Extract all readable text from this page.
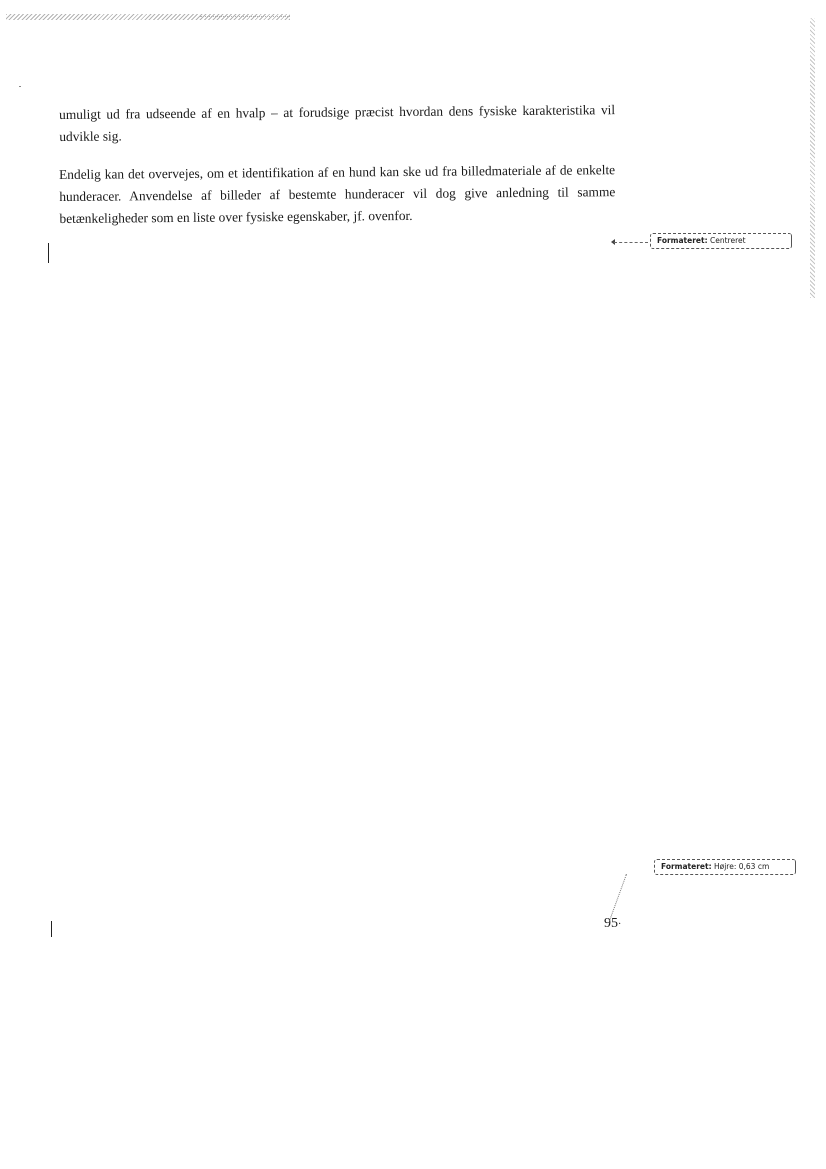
umuligt ud fra udseende af en hvalp – at forudsige præcist hvordan dens fysiske karakteristika vil udvikle sig.

Endelig kan det overvejes, om et identifikation af en hund kan ske ud fra billedmateriale af de enkelte hunderacer. Anvendelse af billeder af bestemte hunderacer vil dog give anledning til samme betænkeligheder som en liste over fysiske egenskaber, jf. ovenfor.

95·
Formateret: Centreret
Formateret: Højre: 0,63 cm
